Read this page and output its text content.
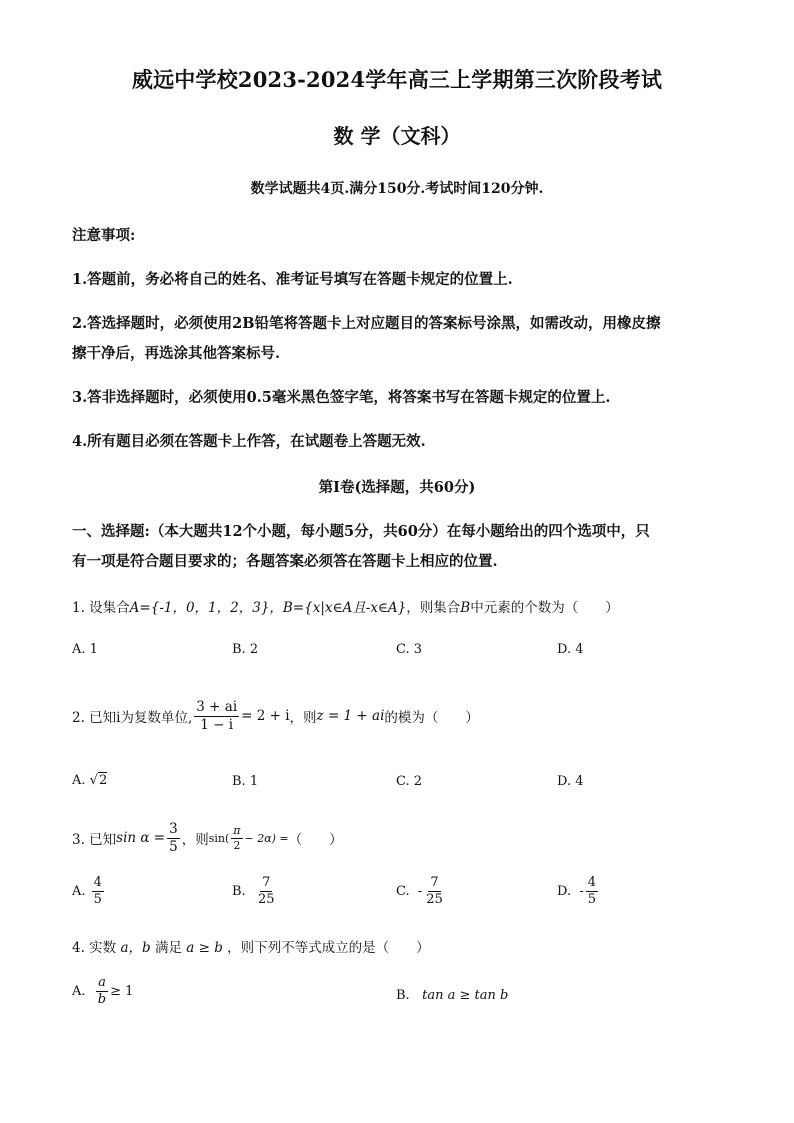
威远中学校2023-2024学年高三上学期第三次阶段考试
数 学（文科）
数学试题共4页.满分150分.考试时间120分钟.
注意事项:
1.答题前，务必将自己的姓名、准考证号填写在答题卡规定的位置上.
2.答选择题时，必须使用2B铅笔将答题卡上对应题目的答案标号涂黑，如需改动，用橡皮擦
擦干净后，再选涂其他答案标号.
3.答非选择题时，必须使用0.5毫米黑色签字笔，将答案书写在答题卡规定的位置上.
4.所有题目必须在答题卡上作答，在试题卷上答题无效.
第Ⅰ卷(选择题，共60分)
一、选择题:（本大题共12个小题，每小题5分，共60分）在每小题给出的四个选项中，只
有一项是符合题目要求的；各题答案必须答在答题卡上相应的位置.
1. 设集合A={-1，0，1，2，3}，B={x|x∈A且-x∈A}，则集合B中元素的个数为（　　）
A. 1	B. 2	C. 3	D. 4
2. 已知i为复数单位, $\frac{3 + ai}{1 - i} = 2 + i$ ，则 z = 1 + ai 的模为（　　）
A. √2	B. 1	C. 2	D. 4
3. 已知 $\sin \alpha = \frac{3}{5}$ ，则 $\sin( \frac{\pi}{2} - 2\alpha)$ = （　　）
A.
$\frac{4}{5}$	B.
$\frac{7}{25}$	C.
- $\frac{7}{25}$	D.
- $\frac{4}{5}$
4. 实数 a，b 满足 a ≥ b ，则下列不等式成立的是（　　）
A.
$\frac{a}{b} \ge 1$	B. tan a ≥ tan b
